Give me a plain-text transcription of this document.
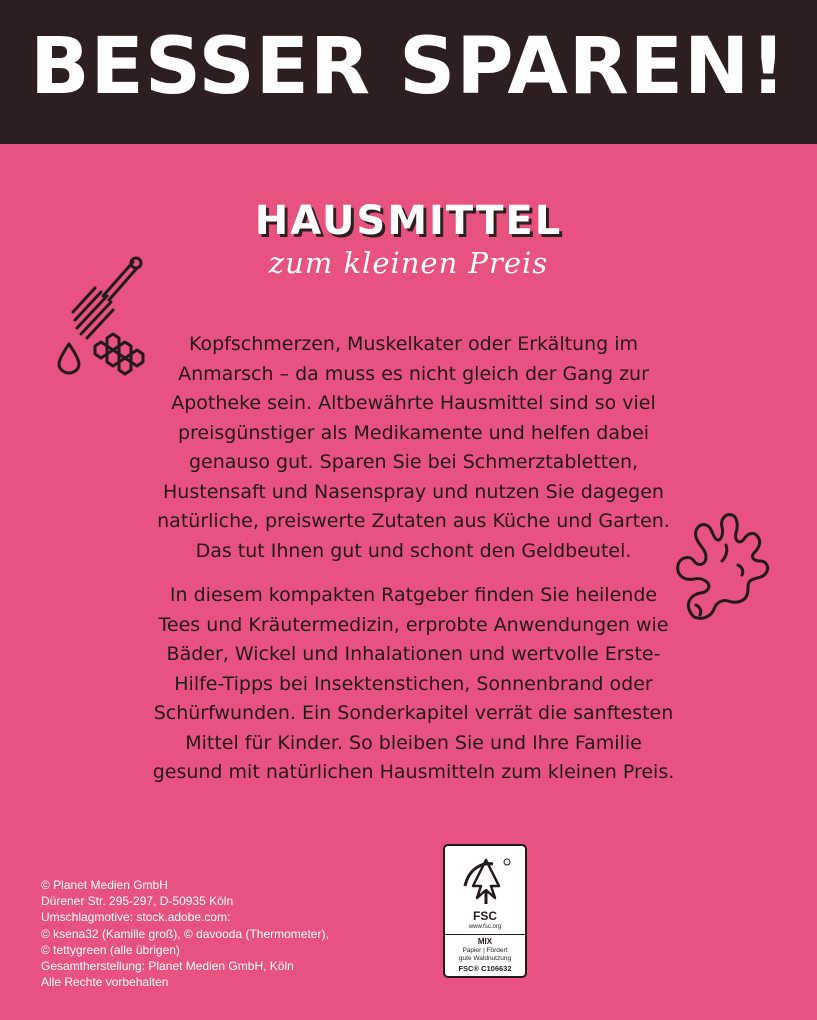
BESSER SPAREN!
HAUSMITTEL
zum kleinen Preis

Kopfschmerzen, Muskelkater oder Erkältung im
Anmarsch – da muss es nicht gleich der Gang zur
Apotheke sein. Altbewährte Hausmittel sind so viel
preisgünstiger als Medikamente und helfen dabei
genauso gut. Sparen Sie bei Schmerztabletten,
Hustensaft und Nasenspray und nutzen Sie dagegen
natürliche, preiswerte Zutaten aus Küche und Garten.
Das tut Ihnen gut und schont den Geldbeutel.

In diesem kompakten Ratgeber finden Sie heilende
Tees und Kräutermedizin, erprobte Anwendungen wie
Bäder, Wickel und Inhalationen und wertvolle Erste-
Hilfe-Tipps bei Insektenstichen, Sonnenbrand oder
Schürfwunden. Ein Sonderkapitel verrät die sanftesten
Mittel für Kinder. So bleiben Sie und Ihre Familie
gesund mit natürlichen Hausmitteln zum kleinen Preis.

© Planet Medien GmbH
Dürener Str. 295-297, D-50935 Köln
Umschlagmotive: stock.adobe.com:
© ksena32 (Kamille groß), © davooda (Thermometer),
© tettygreen (alle übrigen)
Gesamtherstellung: Planet Medien GmbH, Köln
Alle Rechte vorbehalten
FSC
www.fsc.org
MIX
Papier | Fördert
gute Waldnutzung
FSC® C106632
